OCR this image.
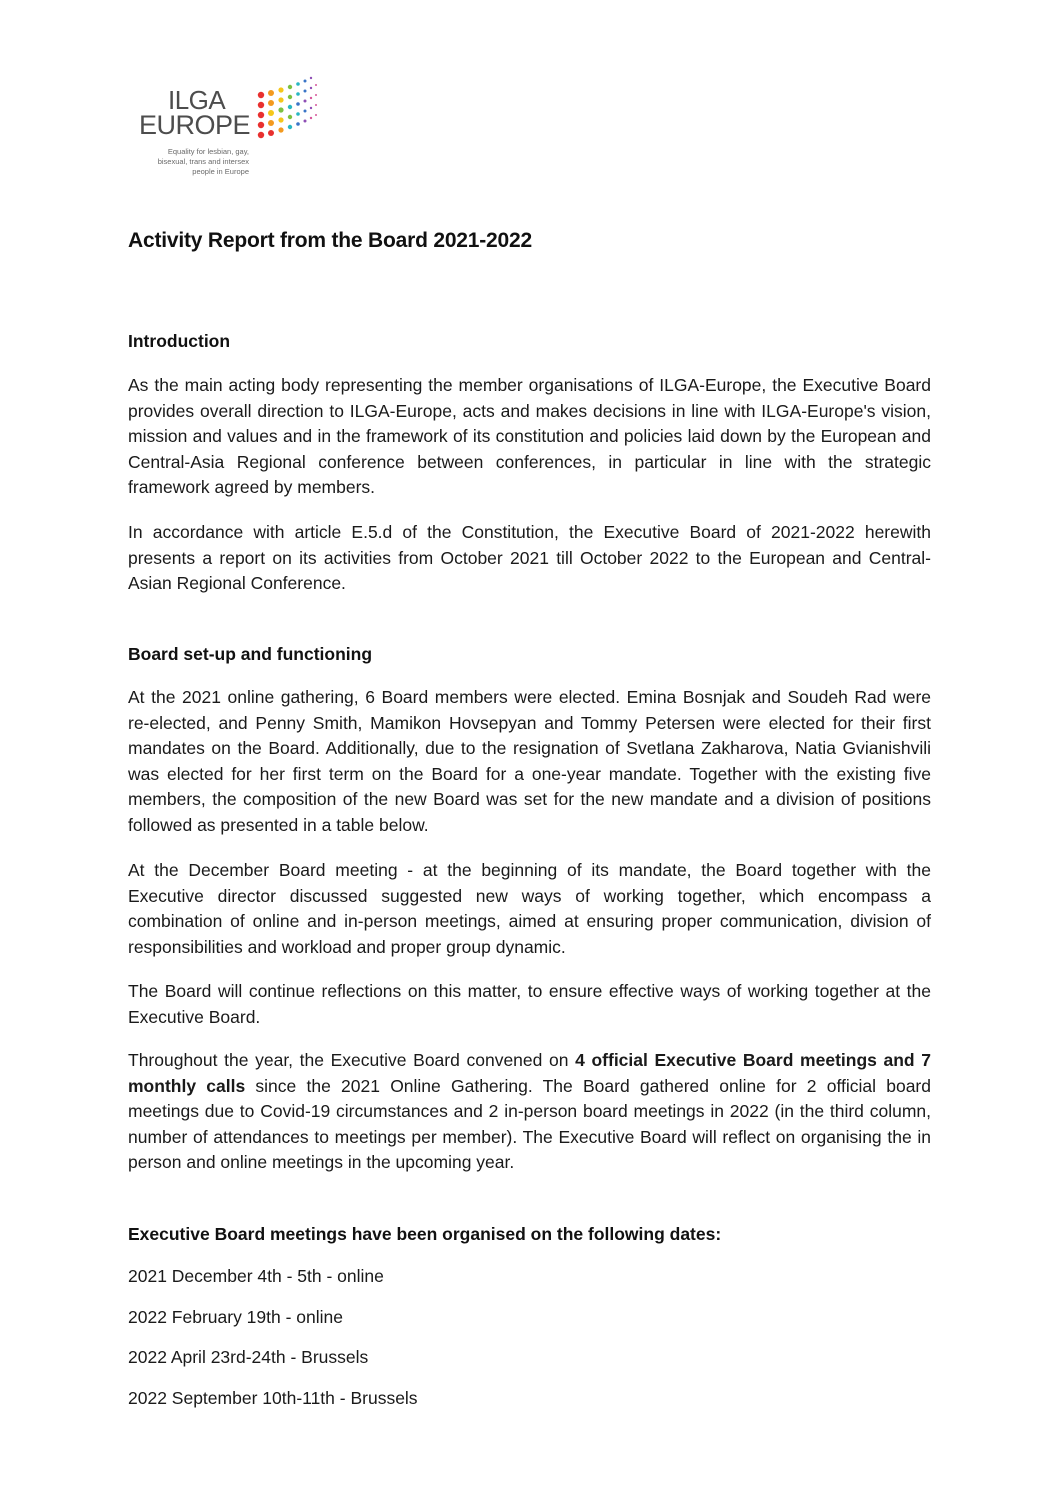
ILGA
EUROPE
Equality for lesbian, gay, bisexual, trans and intersex people in Europe
Activity Report from the Board 2021-2022
Introduction

As the main acting body representing the member organisations of ILGA-Europe, the Executive Board provides overall direction to ILGA-Europe, acts and makes decisions in line with ILGA-Europe's vision, mission and values and in the framework of its constitution and policies laid down by the European and Central-Asia Regional conference between conferences, in particular in line with the strategic framework agreed by members.

In accordance with article E.5.d of the Constitution, the Executive Board of 2021-2022 herewith presents a report on its activities from October 2021 till October 2022 to the European and Central-Asian Regional Conference.

Board set-up and functioning

At the 2021 online gathering, 6 Board members were elected. Emina Bosnjak and Soudeh Rad were re-elected, and Penny Smith, Mamikon Hovsepyan and Tommy Petersen were elected for their first mandates on the Board. Additionally, due to the resignation of Svetlana Zakharova, Natia Gvianishvili was elected for her first term on the Board for a one-year mandate. Together with the existing five members, the composition of the new Board was set for the new mandate and a division of positions followed as presented in a table below.

At the December Board meeting - at the beginning of its mandate, the Board together with the Executive director discussed suggested new ways of working together, which encompass a combination of online and in-person meetings, aimed at ensuring proper communication, division of responsibilities and workload and proper group dynamic.

The Board will continue reflections on this matter, to ensure effective ways of working together at the Executive Board.

Throughout the year, the Executive Board convened on 4 official Executive Board meetings and 7 monthly calls since the 2021 Online Gathering. The Board gathered online for 2 official board meetings due to Covid-19 circumstances and 2 in-person board meetings in 2022 (in the third column, number of attendances to meetings per member). The Executive Board will reflect on organising the in person and online meetings in the upcoming year.

Executive Board meetings have been organised on the following dates:

2021 December 4th - 5th - online

2022 February 19th - online

2022 April 23rd-24th - Brussels

2022 September 10th-11th - Brussels
